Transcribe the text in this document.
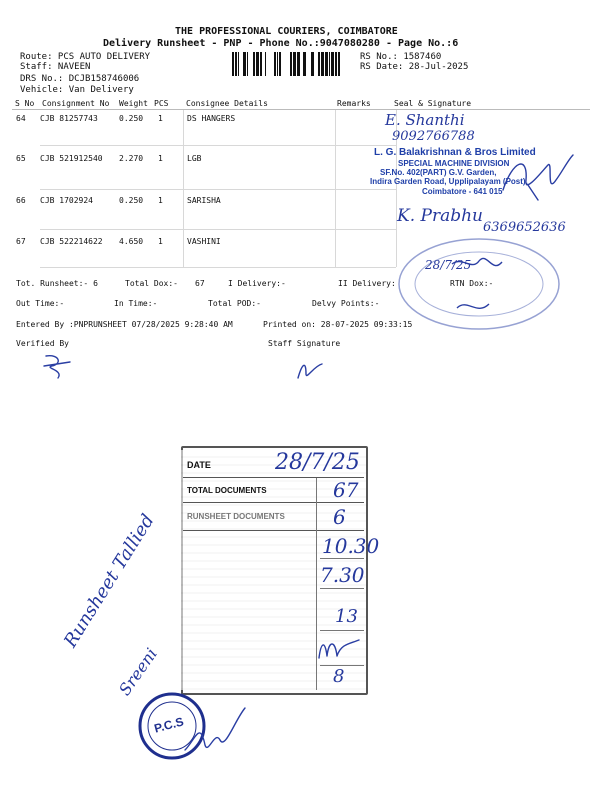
THE PROFESSIONAL COURIERS, COIMBATORE
Delivery Runsheet - PNP - Phone No.:9047080280 - Page No.:6
Route: PCS AUTO DELIVERY
Staff: NAVEEN
DRS No.: DCJB158746006
Vehicle: Van Delivery
RS No.: 1587460
RS Date: 28-Jul-2025
S No Consignment No Weight PCS Consignee Details	Remarks	Seal & Signature
64 CJB 81257743	0.250 1	DS HANGERS
65 CJB 521912540 2.270 1	LGB
66 CJB 1702924	0.250 1	SARISHA
67 CJB 522214622 4.650 1	VASHINI
Tot. Runsheet:- 6	Total Dox:- 67	I Delivery:-	II Delivery:	RTN Dox:-
Out Time:-	In Time:-	Total POD:-	Delvy Points:-
Entered By :PNPRUNSHEET 07/28/2025 9:28:40 AM	Printed on: 28-07-2025 09:33:15
Verified By	Staff Signature
E. Shanthi
9092766788
L. G. Balakrishnan & Bros Limited
SPECIAL MACHINE DIVISION
SF.No. 402(PART) G.V. Garden,
Indira Garden Road, Upplipalayam (Post),
Coimbatore - 641 015
K. Prabhu
6369652636
28/7/25
DATE	28/7/25
TOTAL DOCUMENTS	67
RUNSHEET DOCUMENTS 6
10.30
7.30
13
8
Runsheet Tallied
Sreeni
P.C.S
